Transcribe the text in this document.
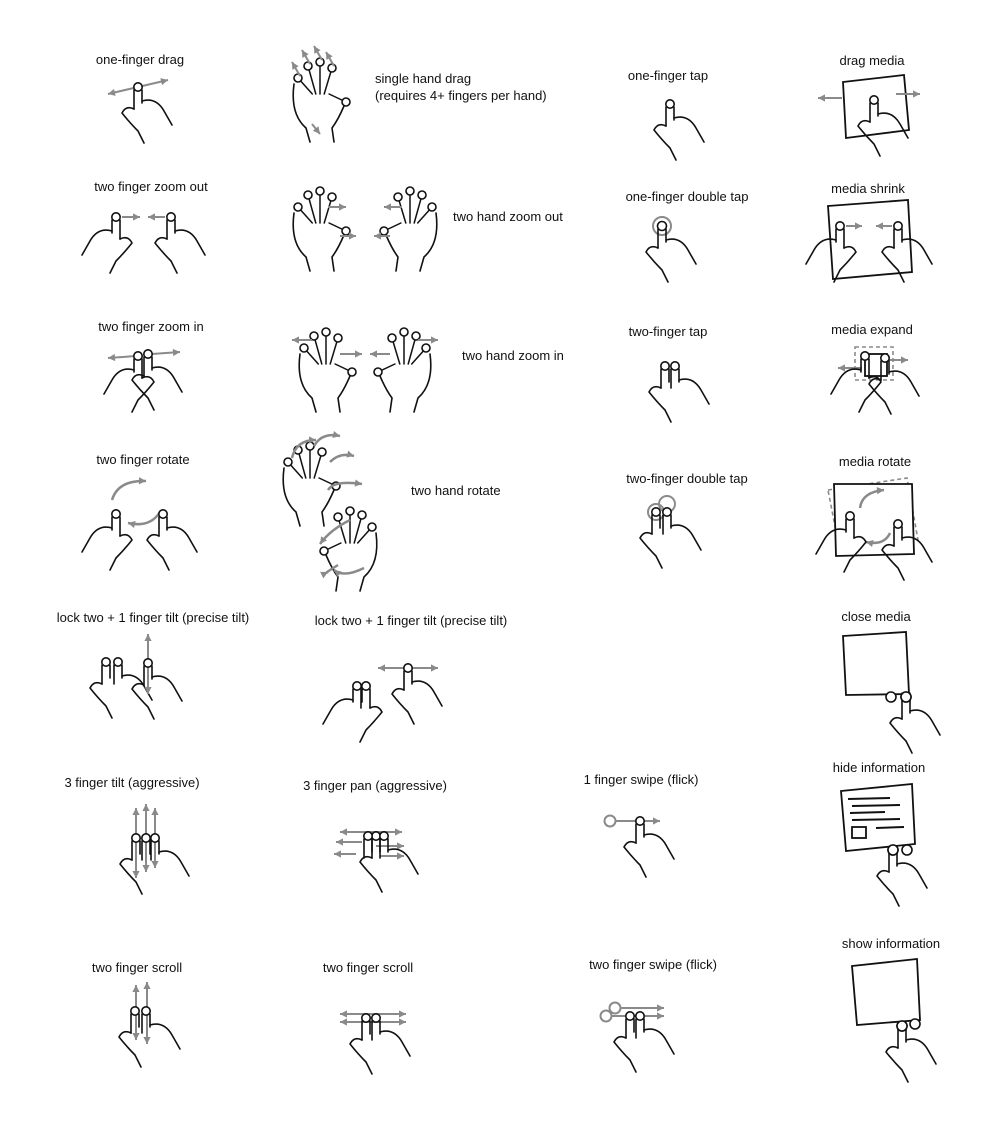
one-finger drag
single hand drag
(requires 4+ fingers per hand)
one-finger tap
drag media
two finger zoom out
two hand zoom out
one-finger double tap
media shrink
two finger zoom in
two hand zoom in
two-finger tap	media expand
two finger rotate
two hand rotate
two-finger double tap
media rotate
lock two + 1 finger tilt (precise tilt)	lock two + 1 finger tilt (precise tilt)	close media
3 finger tilt (aggressive)	3 finger pan (aggressive)	1 finger swipe (flick)
hide information
two finger scroll	two finger scroll	two finger swipe (flick)
show information
